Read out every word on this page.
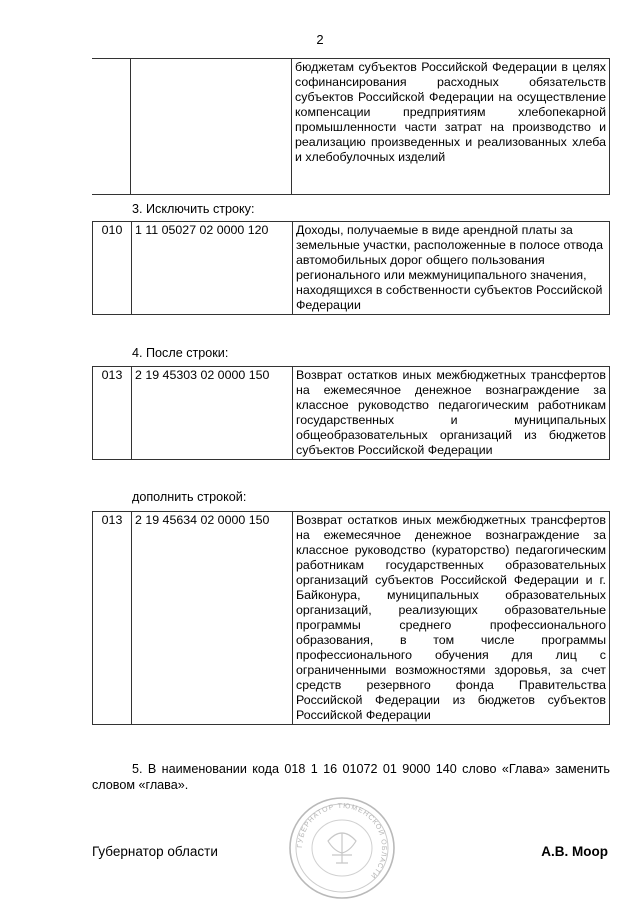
2
		бюджетам субъектов Российской Федерации в целях софинансирования расходных обязательств субъектов Российской Федерации на осуществление компенсации предприятиям хлебопекарной промышленности части затрат на производство и реализацию произведенных и реализованных хлеба и хлебобулочных изделий
3. Исключить строку:
010	1 11 05027 02 0000 120	Доходы, получаемые в виде арендной платы за земельные участки, расположенные в полосе отвода автомобильных дорог общего пользования регионального или межмуниципального значения, находящихся в собственности субъектов Российской Федерации
4. После строки:
013	2 19 45303 02 0000 150	Возврат остатков иных межбюджетных трансфертов на ежемесячное денежное вознаграждение за классное руководство педагогическим работникам государственных и муниципальных общеобразовательных организаций из бюджетов субъектов Российской Федерации
дополнить строкой:
013	2 19 45634 02 0000 150	Возврат остатков иных межбюджетных трансфертов на ежемесячное денежное вознаграждение за классное руководство (кураторство) педагогическим работникам государственных образовательных организаций субъектов Российской Федерации и г. Байконура, муниципальных образовательных организаций, реализующих образовательные программы среднего профессионального образования, в том числе программы профессионального обучения для лиц с ограниченными возможностями здоровья, за счет средств резервного фонда Правительства Российской Федерации из бюджетов субъектов Российской Федерации
5. В наименовании кода 018 1 16 01072 01 9000 140 слово «Глава» заменить словом «глава».
ГУБЕРНАТОР ТЮМЕНСКОЙ ОБЛАСТИ
Губернатор области	А.В. Моор
